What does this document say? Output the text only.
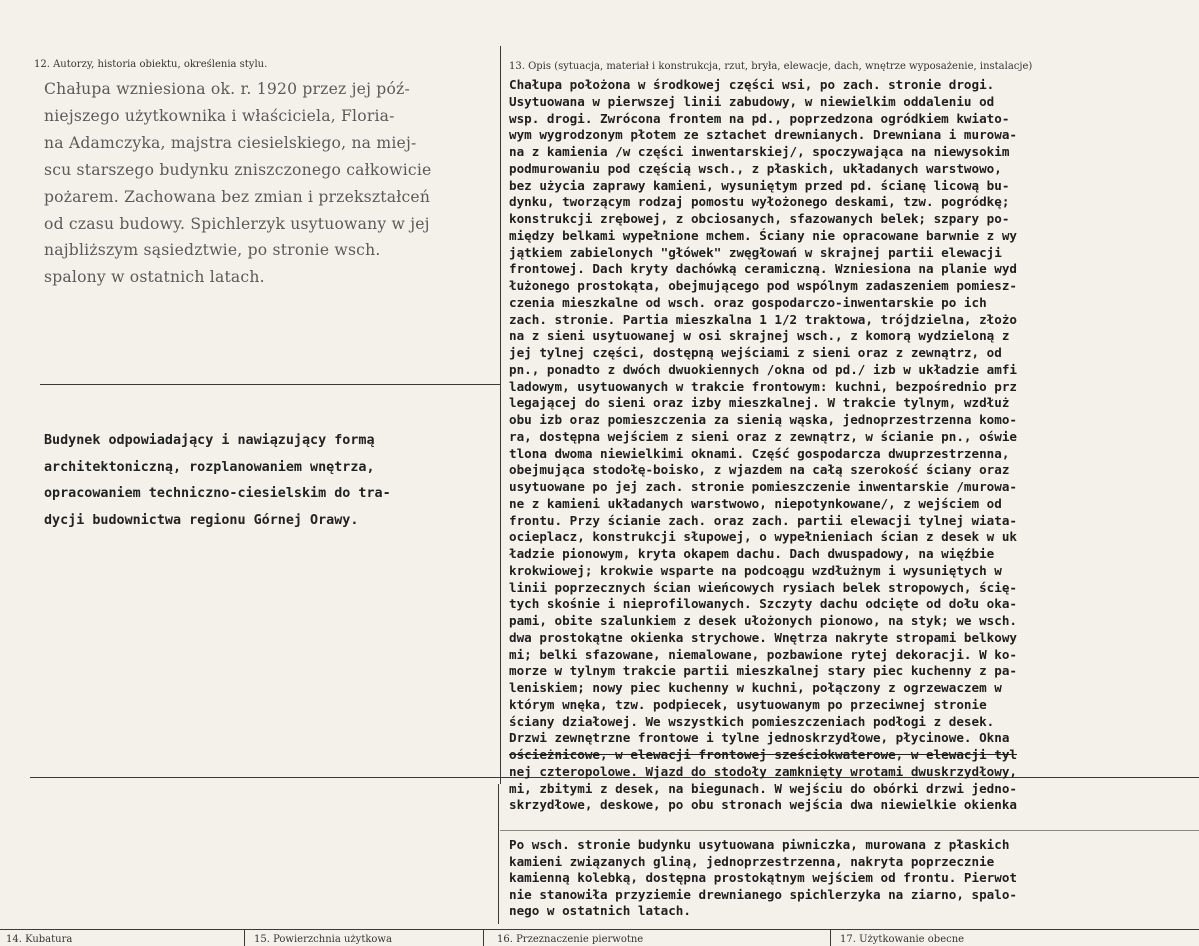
12. Autorzy, historia obiektu, określenia stylu.
Chałupa wzniesiona ok. r. 1920 przez jej póź-
niejszego użytkownika i właściciela, Floria-
na Adamczyka, majstra ciesielskiego, na miej-
scu starszego budynku zniszczonego całkowicie
pożarem. Zachowana bez zmian i przekształceń
od czasu budowy. Spichlerzyk usytuowany w jej
najbliższym sąsiedztwie, po stronie wsch.
spalony w ostatnich latach.
Budynek odpowiadający i nawiązujący formą
architektoniczną, rozplanowaniem wnętrza,
opracowaniem techniczno-ciesielskim do tra-
dycji budownictwa regionu Górnej Orawy.
13. Opis (sytuacja, materiał i konstrukcja, rzut, bryła, elewacje, dach, wnętrze wyposażenie, instalacje)
Chałupa położona w środkowej części wsi, po zach. stronie drogi.
Usytuowana w pierwszej linii zabudowy, w niewielkim oddaleniu od
wsp. drogi. Zwrócona frontem na pd., poprzedzona ogródkiem kwiato-
wym wygrodzonym płotem ze sztachet drewnianych. Drewniana i murowa-
na z kamienia /w części inwentarskiej/, spoczywająca na niewysokim
podmurowaniu pod częścią wsch., z płaskich, układanych warstwowo,
bez użycia zaprawy kamieni, wysuniętym przed pd. ścianę licową bu-
dynku, tworzącym rodzaj pomostu wyłożonego deskami, tzw. pogródkę;
konstrukcji zrębowej, z obciosanych, sfazowanych belek; szpary po-
między belkami wypełnione mchem. Ściany nie opracowane barwnie z wy
jątkiem zabielonych "główek" zwęgłowań w skrajnej partii elewacji
frontowej. Dach kryty dachówką ceramiczną. Wzniesiona na planie wyd
łużonego prostokąta, obejmującego pod wspólnym zadaszeniem pomiesz-
czenia mieszkalne od wsch. oraz gospodarczo-inwentarskie po ich
zach. stronie. Partia mieszkalna 1 1/2 traktowa, trójdzielna, złożo
na z sieni usytuowanej w osi skrajnej wsch., z komorą wydzieloną z
jej tylnej części, dostępną wejściami z sieni oraz z zewnątrz, od
pn., ponadto z dwóch dwuokiennych /okna od pd./ izb w układzie amfi
ladowym, usytuowanych w trakcie frontowym: kuchni, bezpośrednio prz
legającej do sieni oraz izby mieszkalnej. W trakcie tylnym, wzdłuż
obu izb oraz pomieszczenia za sienią wąska, jednoprzestrzenna komo-
ra, dostępna wejściem z sieni oraz z zewnątrz, w ścianie pn., oświe
tlona dwoma niewielkimi oknami. Część gospodarcza dwuprzestrzenna,
obejmująca stodołę-boisko, z wjazdem na całą szerokość ściany oraz
usytuowane po jej zach. stronie pomieszczenie inwentarskie /murowa-
ne z kamieni układanych warstwowo, niepotynkowane/, z wejściem od
frontu. Przy ścianie zach. oraz zach. partii elewacji tylnej wiata-
ocieplacz, konstrukcji słupowej, o wypełnieniach ścian z desek w uk
ładzie pionowym, kryta okapem dachu. Dach dwuspadowy, na więźbie
krokwiowej; krokwie wsparte na podcoągu wzdłużnym i wysuniętych w
linii poprzecznych ścian wieńcowych rysiach belek stropowych, ścię-
tych skośnie i nieprofilowanych. Szczyty dachu odcięte od dołu oka-
pami, obite szalunkiem z desek ułożonych pionowo, na styk; we wsch.
dwa prostokątne okienka strychowe. Wnętrza nakryte stropami belkowy
mi; belki sfazowane, niemalowane, pozbawione rytej dekoracji. W ko-
morze w tylnym trakcie partii mieszkalnej stary piec kuchenny z pa-
leniskiem; nowy piec kuchenny w kuchni, połączony z ogrzewaczem w
którym wnęka, tzw. podpiecek, usytuowanym po przeciwnej stronie
ściany działowej. We wszystkich pomieszczeniach podłogi z desek.
Drzwi zewnętrzne frontowe i tylne jednoskrzydłowe, płycinowe. Okna
ościeżnicowe, w elewacji frontowej sześciokwaterowe, w elewacji tyl
nej czteropolowe. Wjazd do stodoły zamknięty wrotami dwuskrzydłowy,
mi, zbitymi z desek, na biegunach. W wejściu do obórki drzwi jedno-
skrzydłowe, deskowe, po obu stronach wejścia dwa niewielkie okienka
Po wsch. stronie budynku usytuowana piwniczka, murowana z płaskich
kamieni związanych gliną, jednoprzestrzenna, nakryta poprzecznie
kamienną kolebką, dostępna prostokątnym wejściem od frontu. Pierwot
nie stanowiła przyziemie drewnianego spichlerzyka na ziarno, spalo-
nego w ostatnich latach.
14. Kubatura	15. Powierzchnia użytkowa	16. Przeznaczenie pierwotne	17. Użytkowanie obecne
